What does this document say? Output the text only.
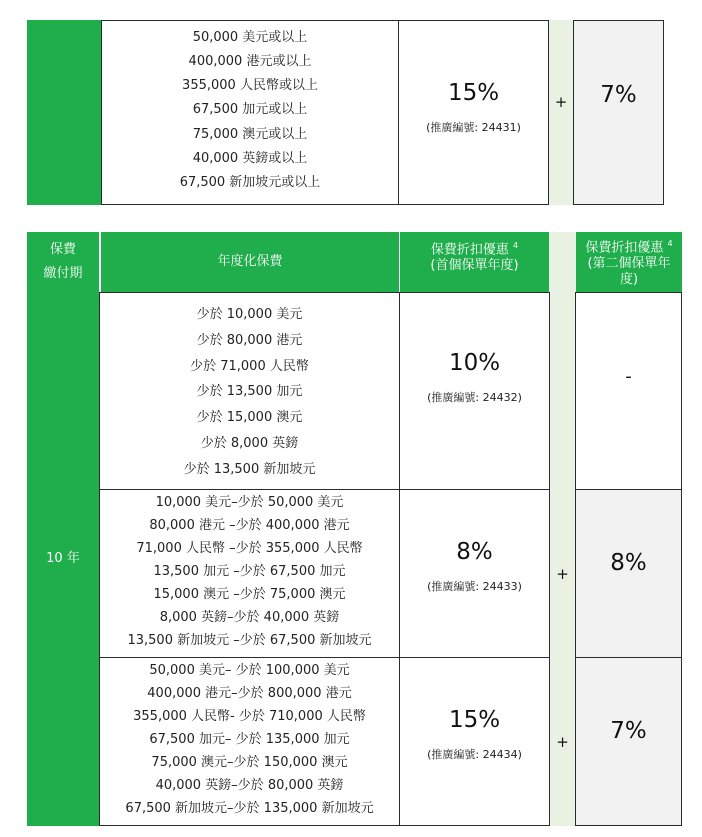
50,000 美元或以上
400,000 港元或以上
355,000 人民幣或以上
67,500 加元或以上
75,000 澳元或以上
40,000 英鎊或以上
67,500 新加坡元或以上
15%
(推廣編號: 24431)
+ 7%
保費
繳付期
年度化保費
保費折扣優惠 $^4$
(首個保單年度)
保費折扣優惠 $^4$
(第二個保單年
度)
10 年
少於 10,000 美元
少於 80,000 港元
少於 71,000 人民幣
少於 13,500 加元
少於 15,000 澳元
少於 8,000 英鎊
少於 13,500 新加坡元
10%
(推廣編號: 24432)
-
10,000 美元–少於 50,000 美元
80,000 港元 –少於 400,000 港元
71,000 人民幣 –少於 355,000 人民幣
13,500 加元 –少於 67,500 加元
15,000 澳元 –少於 75,000 澳元
8,000 英鎊–少於 40,000 英鎊
13,500 新加坡元 –少於 67,500 新加坡元
8%
(推廣編號: 24433)
+ 8%
50,000 美元– 少於 100,000 美元
400,000 港元–少於 800,000 港元
355,000 人民幣- 少於 710,000 人民幣
67,500 加元– 少於 135,000 加元
75,000 澳元–少於 150,000 澳元
40,000 英鎊–少於 80,000 英鎊
67,500 新加坡元–少於 135,000 新加坡元
15%
(推廣編號: 24434)
+ 7%
